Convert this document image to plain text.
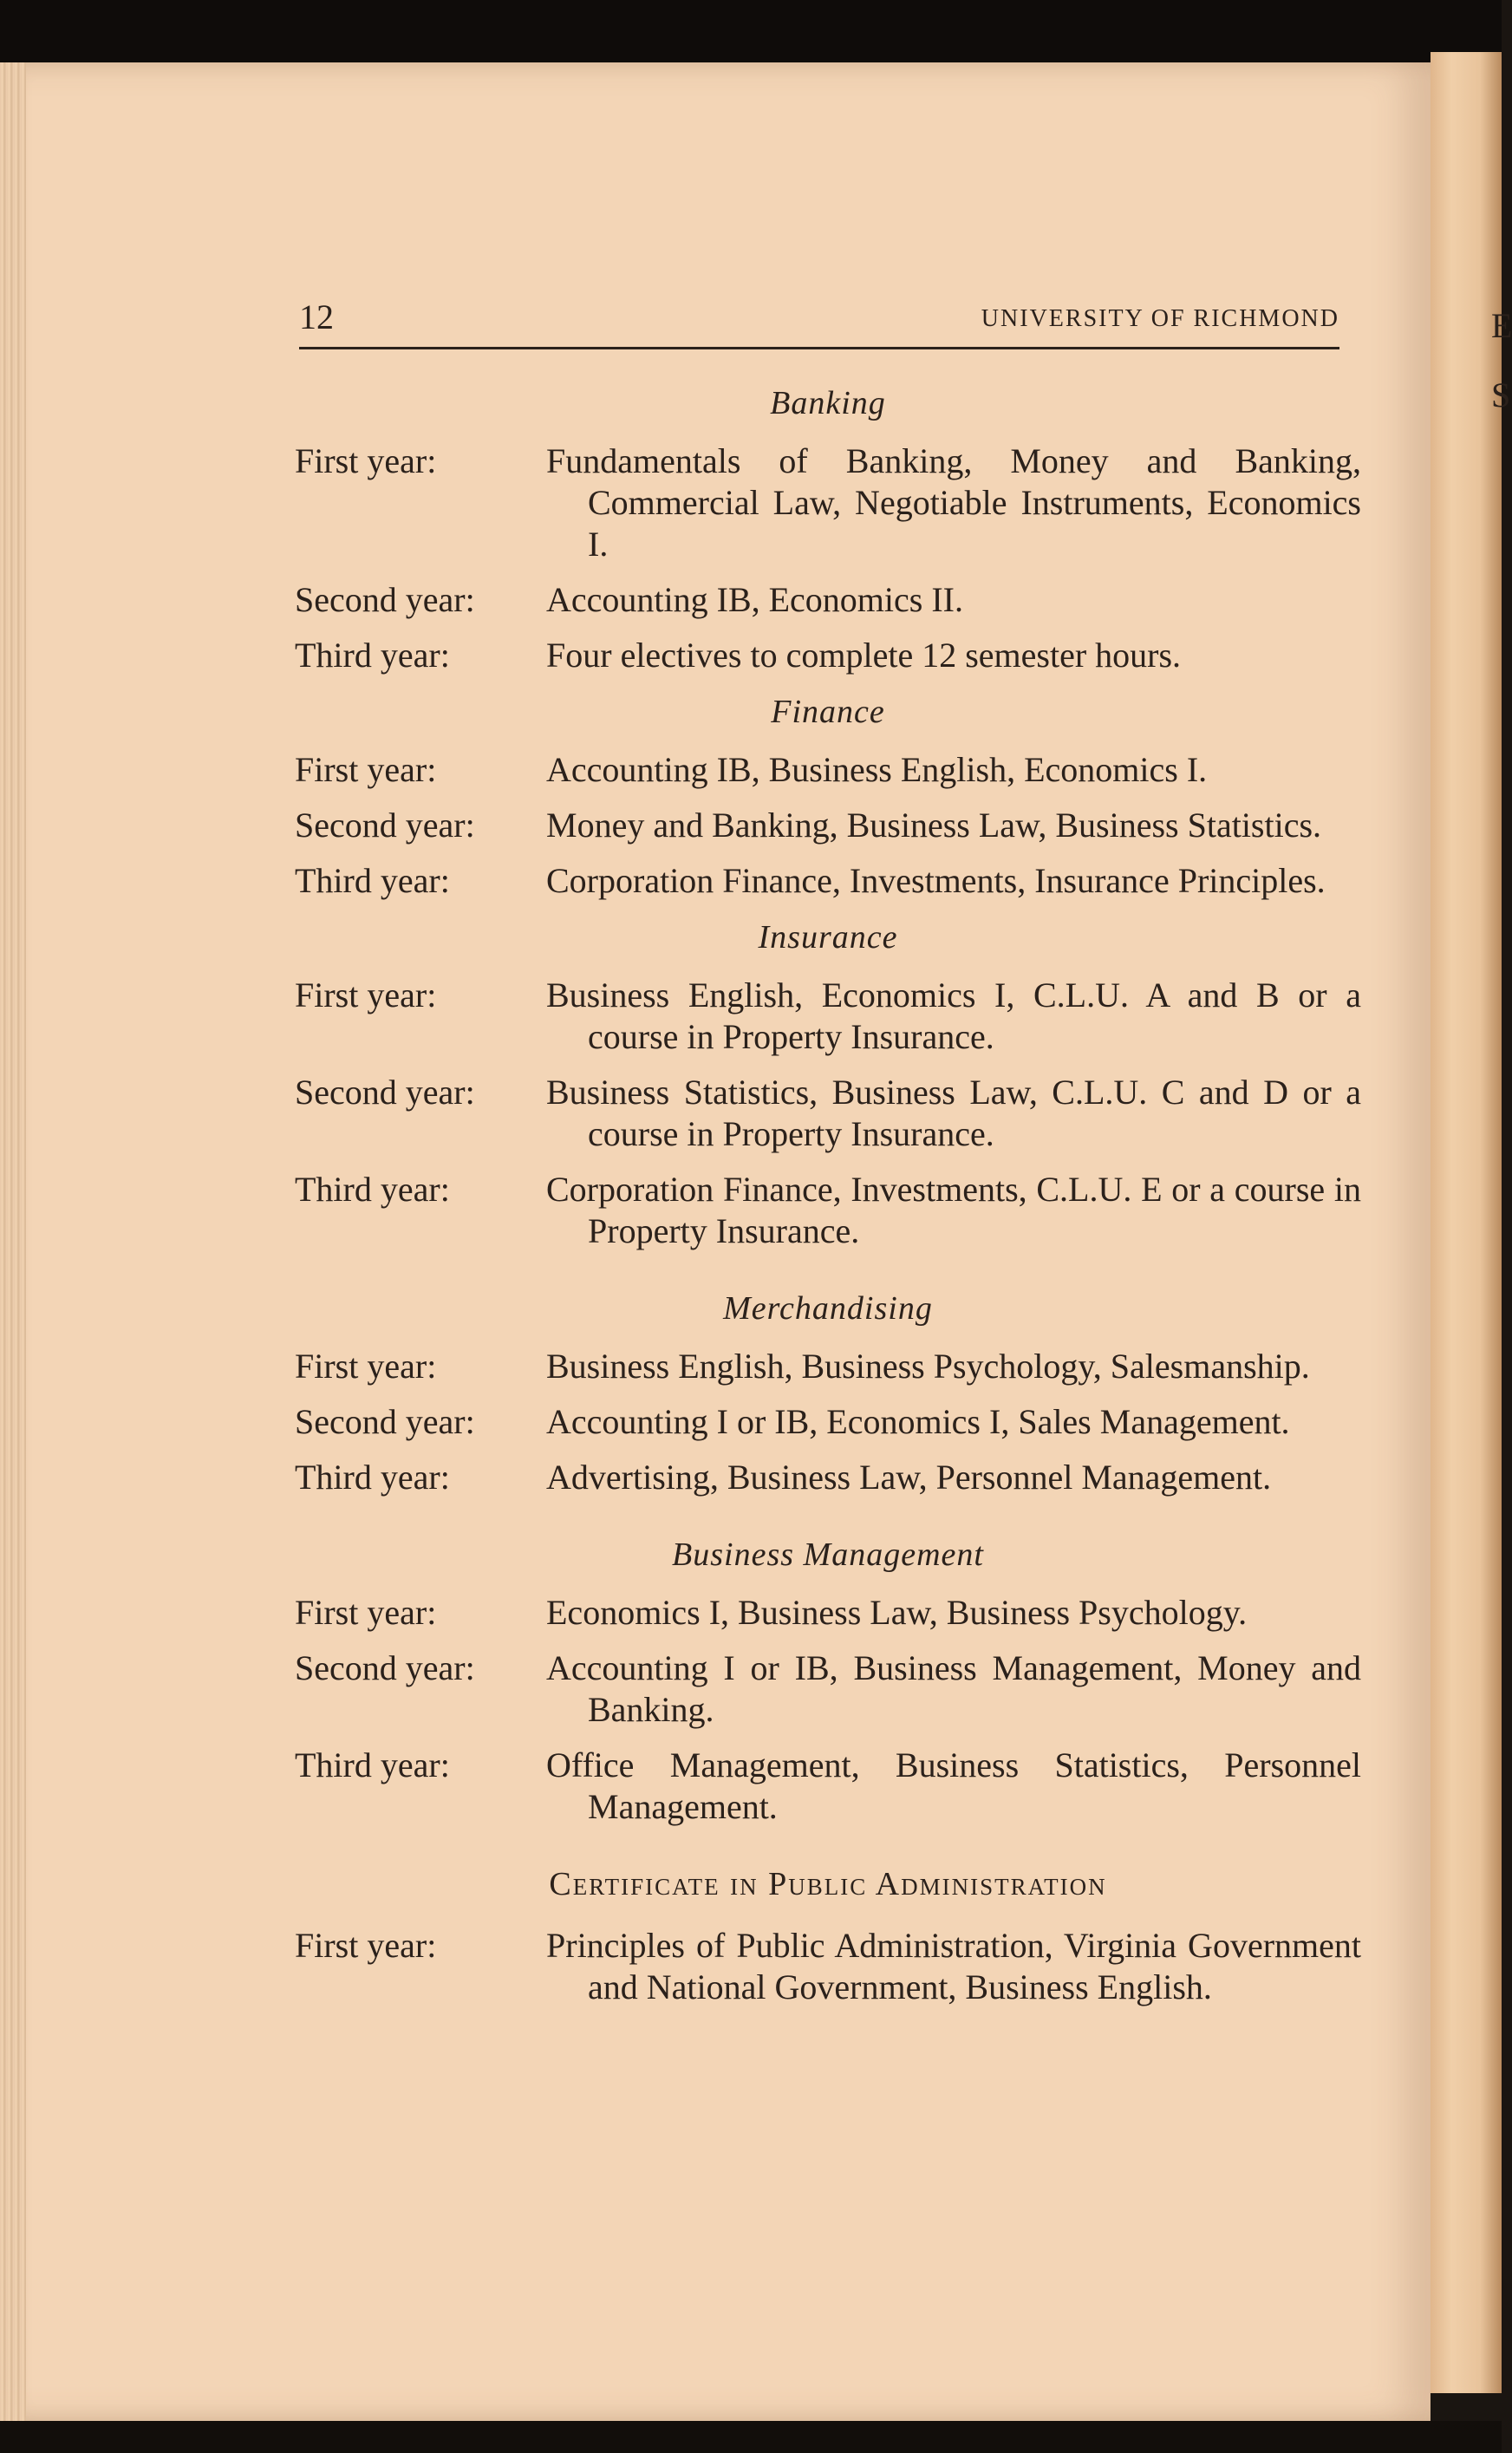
E
S
12	UNIVERSITY OF RICHMOND
Banking
First year:	Fundamentals of Banking, Money and Banking, Commercial Law, Negotiable Instruments, Economics I.
Second year:	Accounting IB, Economics II.
Third year:	Four electives to complete 12 semester hours.
Finance
First year:	Accounting IB, Business English, Economics I.
Second year:	Money and Banking, Business Law, Business Statistics.
Third year:	Corporation Finance, Investments, Insurance Principles.
Insurance
First year:	Business English, Economics I, C.L.U. A and B or a course in Property Insurance.
Second year:	Business Statistics, Business Law, C.L.U. C and D or a course in Property Insurance.
Third year:	Corporation Finance, Investments, C.L.U. E or a course in Property Insurance.
Merchandising
First year:	Business English, Business Psychology, Salesmanship.
Second year:	Accounting I or IB, Economics I, Sales Management.
Third year:	Advertising, Business Law, Personnel Management.
Business Management
First year:	Economics I, Business Law, Business Psychology.
Second year:	Accounting I or IB, Business Management, Money and Banking.
Third year:	Office Management, Business Statistics, Personnel Management.
Certificate in Public Administration
First year:	Principles of Public Administration, Virginia Government and National Government, Business English.
